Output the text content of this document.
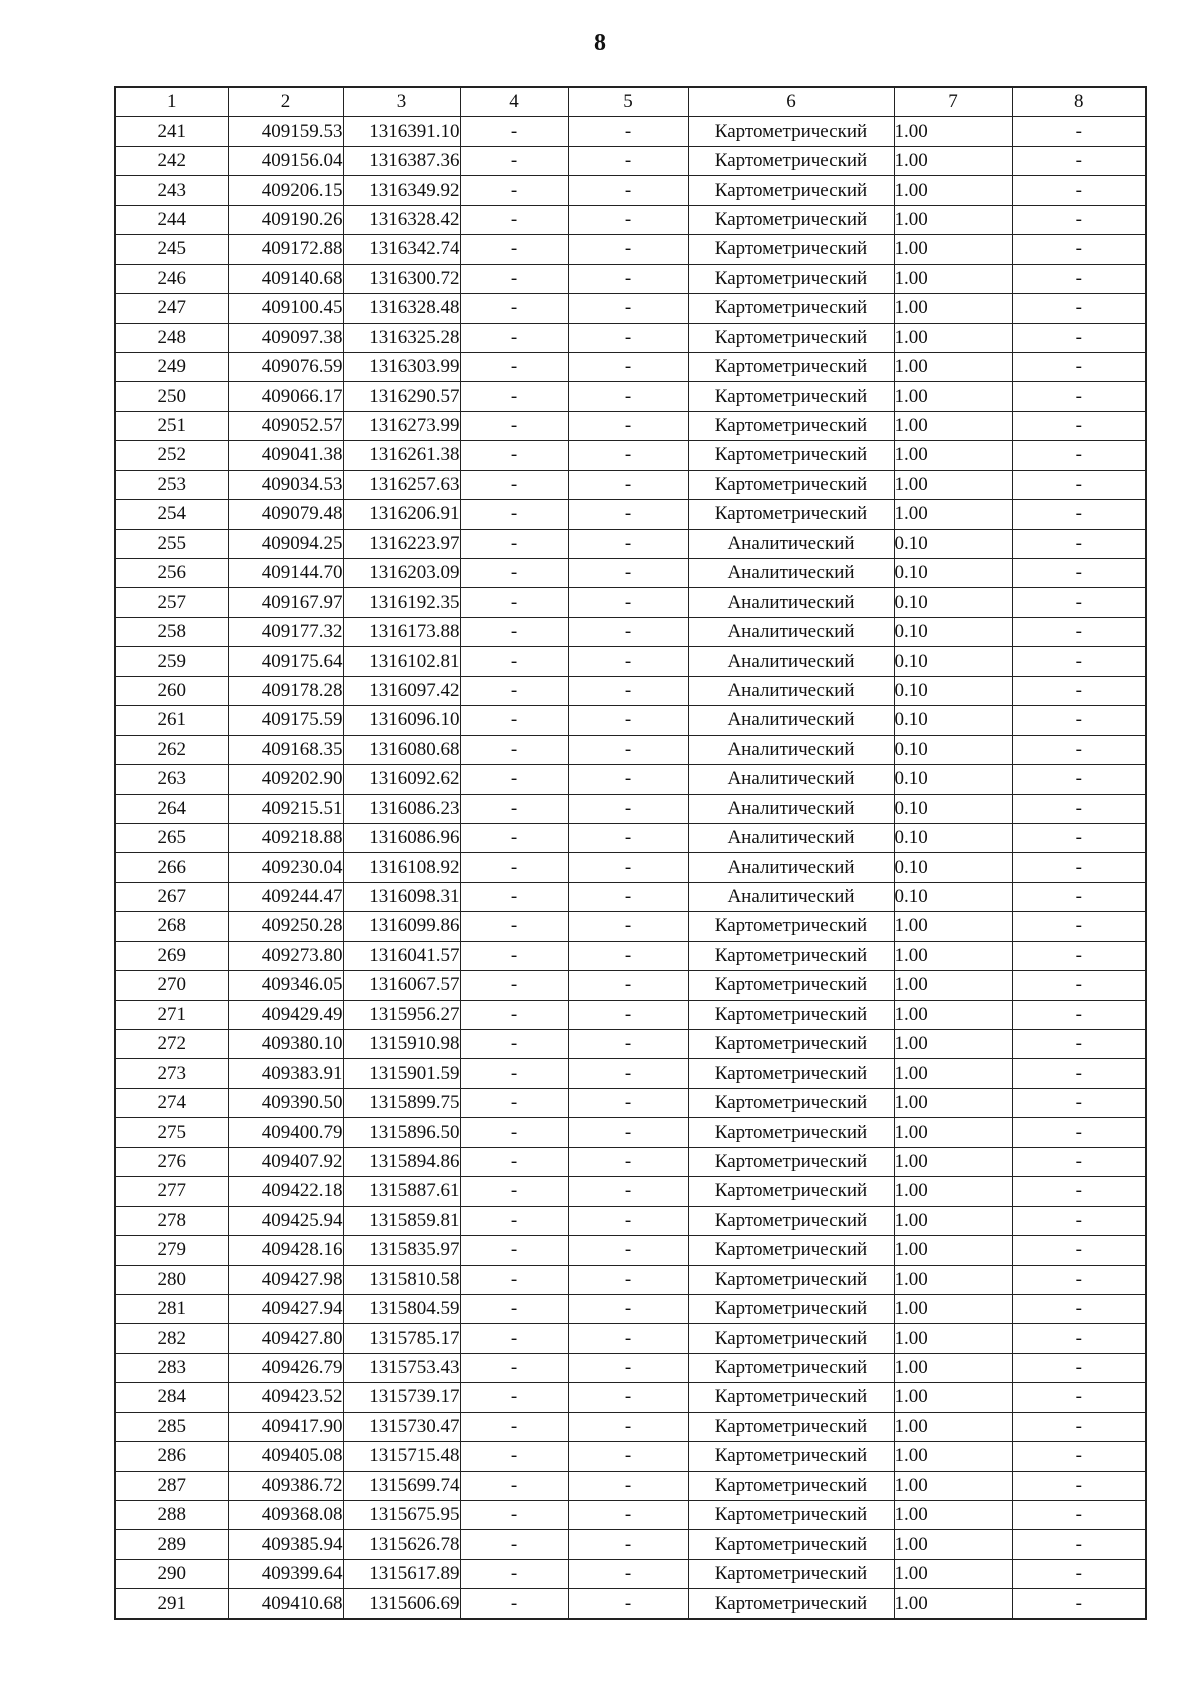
8
1	2	3	4	5	6	7	8
241	409159.53	1316391.10	-	-	Картометрический	1.00	-
242	409156.04	1316387.36	-	-	Картометрический	1.00	-
243	409206.15	1316349.92	-	-	Картометрический	1.00	-
244	409190.26	1316328.42	-	-	Картометрический	1.00	-
245	409172.88	1316342.74	-	-	Картометрический	1.00	-
246	409140.68	1316300.72	-	-	Картометрический	1.00	-
247	409100.45	1316328.48	-	-	Картометрический	1.00	-
248	409097.38	1316325.28	-	-	Картометрический	1.00	-
249	409076.59	1316303.99	-	-	Картометрический	1.00	-
250	409066.17	1316290.57	-	-	Картометрический	1.00	-
251	409052.57	1316273.99	-	-	Картометрический	1.00	-
252	409041.38	1316261.38	-	-	Картометрический	1.00	-
253	409034.53	1316257.63	-	-	Картометрический	1.00	-
254	409079.48	1316206.91	-	-	Картометрический	1.00	-
255	409094.25	1316223.97	-	-	Аналитический	0.10	-
256	409144.70	1316203.09	-	-	Аналитический	0.10	-
257	409167.97	1316192.35	-	-	Аналитический	0.10	-
258	409177.32	1316173.88	-	-	Аналитический	0.10	-
259	409175.64	1316102.81	-	-	Аналитический	0.10	-
260	409178.28	1316097.42	-	-	Аналитический	0.10	-
261	409175.59	1316096.10	-	-	Аналитический	0.10	-
262	409168.35	1316080.68	-	-	Аналитический	0.10	-
263	409202.90	1316092.62	-	-	Аналитический	0.10	-
264	409215.51	1316086.23	-	-	Аналитический	0.10	-
265	409218.88	1316086.96	-	-	Аналитический	0.10	-
266	409230.04	1316108.92	-	-	Аналитический	0.10	-
267	409244.47	1316098.31	-	-	Аналитический	0.10	-
268	409250.28	1316099.86	-	-	Картометрический	1.00	-
269	409273.80	1316041.57	-	-	Картометрический	1.00	-
270	409346.05	1316067.57	-	-	Картометрический	1.00	-
271	409429.49	1315956.27	-	-	Картометрический	1.00	-
272	409380.10	1315910.98	-	-	Картометрический	1.00	-
273	409383.91	1315901.59	-	-	Картометрический	1.00	-
274	409390.50	1315899.75	-	-	Картометрический	1.00	-
275	409400.79	1315896.50	-	-	Картометрический	1.00	-
276	409407.92	1315894.86	-	-	Картометрический	1.00	-
277	409422.18	1315887.61	-	-	Картометрический	1.00	-
278	409425.94	1315859.81	-	-	Картометрический	1.00	-
279	409428.16	1315835.97	-	-	Картометрический	1.00	-
280	409427.98	1315810.58	-	-	Картометрический	1.00	-
281	409427.94	1315804.59	-	-	Картометрический	1.00	-
282	409427.80	1315785.17	-	-	Картометрический	1.00	-
283	409426.79	1315753.43	-	-	Картометрический	1.00	-
284	409423.52	1315739.17	-	-	Картометрический	1.00	-
285	409417.90	1315730.47	-	-	Картометрический	1.00	-
286	409405.08	1315715.48	-	-	Картометрический	1.00	-
287	409386.72	1315699.74	-	-	Картометрический	1.00	-
288	409368.08	1315675.95	-	-	Картометрический	1.00	-
289	409385.94	1315626.78	-	-	Картометрический	1.00	-
290	409399.64	1315617.89	-	-	Картометрический	1.00	-
291	409410.68	1315606.69	-	-	Картометрический	1.00	-
